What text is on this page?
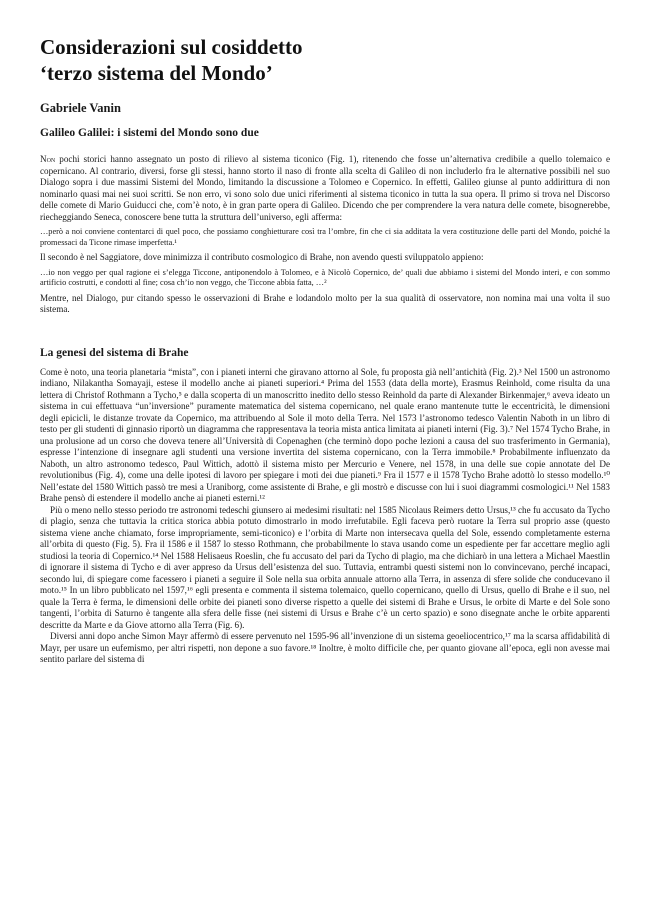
Considerazioni sul cosiddetto
‘terzo sistema del Mondo’
Gabriele Vanin
Galileo Galilei: i sistemi del Mondo sono due

Non pochi storici hanno assegnato un posto di rilievo al sistema ticonico (Fig. 1), ritenendo che fosse un’alternativa credibile a quello tolemaico e copernicano. Al contrario, diversi, forse gli stessi, hanno storto il naso di fronte alla scelta di Galileo di non includerlo fra le alternative possibili nel suo Dialogo sopra i due massimi Sistemi del Mondo, limitando la discussione a Tolomeo e Copernico. In effetti, Galileo giunse al punto addirittura di non nominarlo quasi mai nei suoi scritti. Se non erro, vi sono solo due unici riferimenti al sistema ticonico in tutta la sua opera. Il primo si trova nel Discorso delle comete di Mario Guiducci che, com’è noto, è in gran parte opera di Galileo. Dicendo che per comprendere la vera natura delle comete, bisognerebbe, riecheggiando Seneca, conoscere bene tutta la struttura dell’universo, egli afferma:

…però a noi conviene contentarci di quel poco, che possiamo conghietturare così tra l’ombre, fin che ci sia additata la vera costituzione delle parti del Mondo, poiché la promessaci da Ticone rimase imperfetta.¹

Il secondo è nel Saggiatore, dove minimizza il contributo cosmologico di Brahe, non avendo questi sviluppatolo appieno:

…io non veggo per qual ragione ei s’elegga Ticcone, antiponendolo à Tolomeo, e à Nicolò Copernico, de’ quali due abbiamo i sistemi del Mondo interi, e con sommo artificio costrutti, e condotti al fine; cosa ch’io non veggo, che Ticcone abbia fatta, …²

Mentre, nel Dialogo, pur citando spesso le osservazioni di Brahe e lodandolo molto per la sua qualità di osservatore, non nomina mai una volta il suo sistema.

La genesi del sistema di Brahe

Come è noto, una teoria planetaria “mista”, con i pianeti interni che giravano attorno al Sole, fu proposta già nell’antichità (Fig. 2).³ Nel 1500 un astronomo indiano, Nilakantha Somayaji, estese il modello anche ai pianeti superiori.⁴ Prima del 1553 (data della morte), Erasmus Reinhold, come risulta da una lettera di Christof Rothmann a Tycho,⁵ e dalla scoperta di un manoscritto inedito dello stesso Reinhold da parte di Alexander Birkenmajer,⁶ aveva ideato un sistema in cui effettuava “un’inversione” puramente matematica del sistema copernicano, nel quale erano mantenute tutte le eccentricità, le dimensioni degli epicicli, le distanze trovate da Copernico, ma attribuendo al Sole il moto della Terra. Nel 1573 l’astronomo tedesco Valentin Naboth in un libro di testo per gli studenti di ginnasio riportò un diagramma che rappresentava la teoria mista antica limitata ai pianeti interni (Fig. 3).⁷ Nel 1574 Tycho Brahe, in una prolusione ad un corso che doveva tenere all’Università di Copenaghen (che terminò dopo poche lezioni a causa del suo trasferimento in Germania), espresse l’intenzione di insegnare agli studenti una versione invertita del sistema copernicano, con la Terra immobile.⁸ Probabilmente influenzato da Naboth, un altro astronomo tedesco, Paul Wittich, adottò il sistema misto per Mercurio e Venere, nel 1578, in una delle sue copie annotate del De revolutionibus (Fig. 4), come una delle ipotesi di lavoro per spiegare i moti dei due pianeti.⁹ Fra il 1577 e il 1578 Tycho Brahe adottò lo stesso modello.¹⁰ Nell’estate del 1580 Wittich passò tre mesi a Uraniborg, come assistente di Brahe, e gli mostrò e discusse con lui i suoi diagrammi cosmologici.¹¹ Nel 1583 Brahe pensò di estendere il modello anche ai pianeti esterni.¹²

Più o meno nello stesso periodo tre astronomi tedeschi giunsero ai medesimi risultati: nel 1585 Nicolaus Reimers detto Ursus,¹³ che fu accusato da Tycho di plagio, senza che tuttavia la critica storica abbia potuto dimostrarlo in modo irrefutabile. Egli faceva però ruotare la Terra sul proprio asse (questo sistema viene anche chiamato, forse impropriamente, semi-ticonico) e l’orbita di Marte non intersecava quella del Sole, essendo completamente esterna all’orbita di questo (Fig. 5). Fra il 1586 e il 1587 lo stesso Rothmann, che probabilmente lo stava usando come un espediente per far accettare meglio agli studiosi la teoria di Copernico.¹⁴ Nel 1588 Helisaeus Roeslin, che fu accusato del pari da Tycho di plagio, ma che dichiarò in una lettera a Michael Maestlin di ignorare il sistema di Tycho e di aver appreso da Ursus dell’esistenza del suo. Tuttavia, entrambi questi sistemi non lo convincevano, perché incapaci, secondo lui, di spiegare come facessero i pianeti a seguire il Sole nella sua orbita annuale attorno alla Terra, in assenza di sfere solide che conducevano il moto.¹⁵ In un libro pubblicato nel 1597,¹⁶ egli presenta e commenta il sistema tolemaico, quello copernicano, quello di Ursus, quello di Brahe e il suo, nel quale la Terra è ferma, le dimensioni delle orbite dei pianeti sono diverse rispetto a quelle dei sistemi di Brahe e Ursus, le orbite di Marte e del Sole sono tangenti, l’orbita di Saturno è tangente alla sfera delle fisse (nei sistemi di Ursus e Brahe c’è un certo spazio) e sono disegnate anche le orbite apparenti descritte da Marte e da Giove attorno alla Terra (Fig. 6).

Diversi anni dopo anche Simon Mayr affermò di essere pervenuto nel 1595-96 all’invenzione di un sistema geoeliocentrico,¹⁷ ma la scarsa affidabilità di Mayr, per usare un eufemismo, per altri rispetti, non depone a suo favore.¹⁸ Inoltre, è molto difficile che, per quanto giovane all’epoca, egli non avesse mai sentito parlare del sistema di
